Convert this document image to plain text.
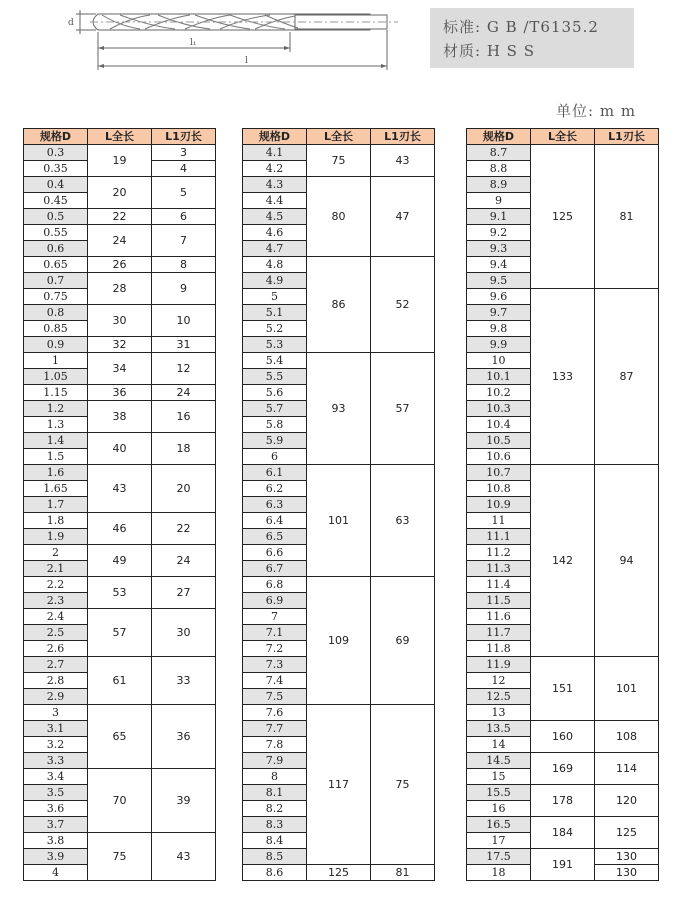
d
l₁
l
标准: G B /T6135.2
材质: H S S
单位: m m
规格D	L全长	L1刃长
0.3	19	3
0.35		4
0.4	20	5
0.45		
0.5	22	6
0.55	24	7
0.6		
0.65	26	8
0.7	28	9
0.75		
0.8	30	10
0.85		
0.9	32	31
1	34	12
1.05		
1.15	36	24
1.2	38	16
1.3		
1.4	40	18
1.5		
1.6	43	20
1.65		
1.7		
1.8	46	22
1.9		
2	49	24
2.1		
2.2	53	27
2.3		
2.4	57	30
2.5		
2.6		
2.7	61	33
2.8		
2.9		
3	65	36
3.1		
3.2		
3.3		
3.4	70	39
3.5		
3.6		
3.7		
3.8	75	43
3.9		
4		
规格D	L全长	L1刃长
4.1	75	43
4.2		
4.3	80	47
4.4		
4.5		
4.6		
4.7		
4.8	86	52
4.9		
5		
5.1		
5.2		
5.3		
5.4	93	57
5.5		
5.6		
5.7		
5.8		
5.9		
6		
6.1	101	63
6.2		
6.3		
6.4		
6.5		
6.6		
6.7		
6.8	109	69
6.9		
7		
7.1		
7.2		
7.3		
7.4		
7.5		
7.6	117	75
7.7		
7.8		
7.9		
8		
8.1		
8.2		
8.3		
8.4		
8.5		
8.6	125	81
规格D	L全长	L1刃长
8.7	125	81
8.8		
8.9		
9		
9.1		
9.2		
9.3		
9.4		
9.5		
9.6	133	87
9.7		
9.8		
9.9		
10		
10.1		
10.2		
10.3		
10.4		
10.5		
10.6		
10.7	142	94
10.8		
10.9		
11		
11.1		
11.2		
11.3		
11.4		
11.5		
11.6		
11.7		
11.8		
11.9	151	101
12		
12.5		
13		
13.5	160	108
14		
14.5	169	114
15		
15.5	178	120
16		
16.5	184	125
17		
17.5	191	130
18		130
